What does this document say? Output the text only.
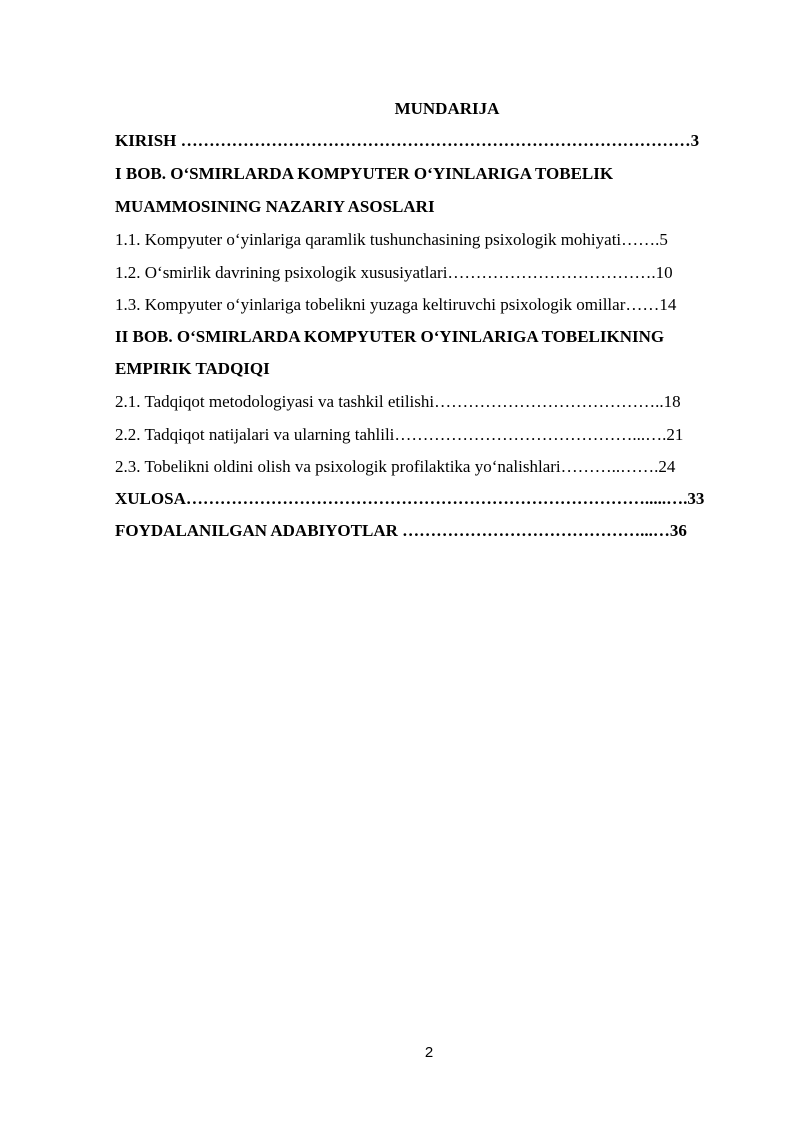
MUNDARIJA
KIRISH ………………………………………………………………………………3
I BOB. O‘SMIRLARDA KOMPYUTER O‘YINLARIGA TOBELIK
MUAMMOSINING NAZARIY ASOSLARI
1.1. Kompyuter o‘yinlariga qaramlik tushunchasining psixologik mohiyati…….5
1.2. O‘smirlik davrining psixologik xususiyatlari……………………………….10
1.3. Kompyuter o‘yinlariga tobelikni yuzaga keltiruvchi psixologik omillar……14
II BOB. O‘SMIRLARDA KOMPYUTER O‘YINLARIGA TOBELIKNING
EMPIRIK TADQIQI
2.1. Tadqiqot metodologiyasi va tashkil etilishi…………………………………..18
2.2. Tadqiqot natijalari va ularning tahlili……………………………………...….21
2.3. Tobelikni oldini olish va psixologik profilaktika yo‘nalishlari………..…….24
XULOSA……………………………………………………………………….....….33
FOYDALANILGAN ADABIYOTLAR ……………………………………...…36
2
